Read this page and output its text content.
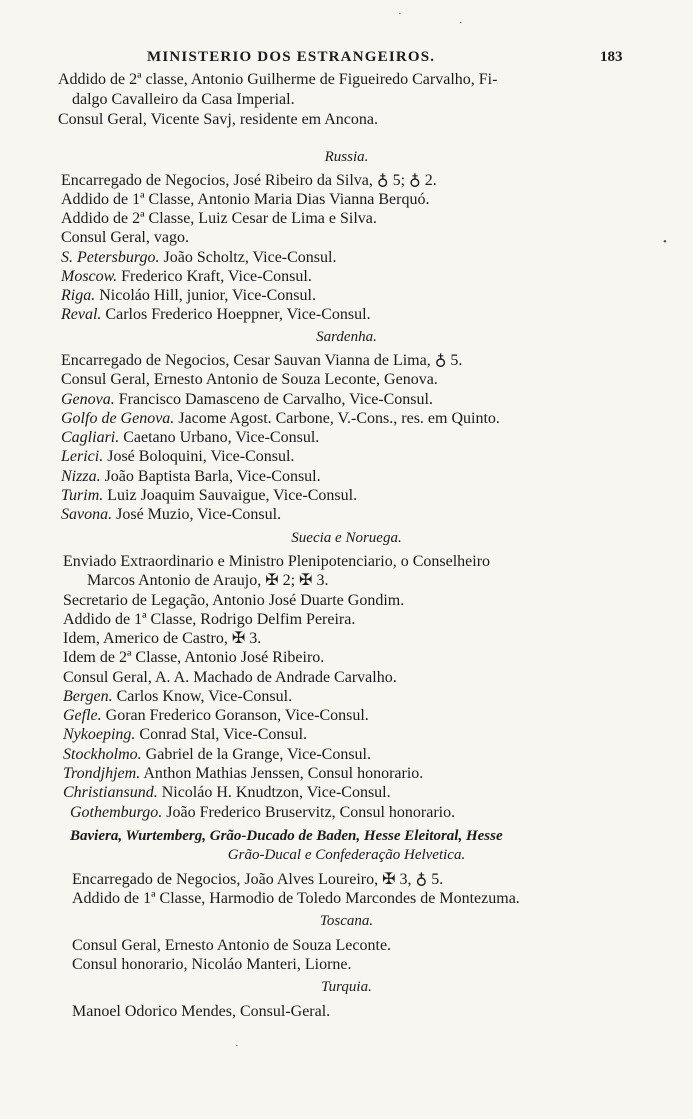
MINISTERIO DOS ESTRANGEIROS.	183
Addido de 2ª classe, Antonio Guilherme de Figueiredo Carvalho, Fi-
dalgo Cavalleiro da Casa Imperial.
Consul Geral, Vicente Savj, residente em Ancona.
Russia.
Encarregado de Negocios, José Ribeiro da Silva, ♁ 5; ♁ 2.
Addido de 1ª Classe, Antonio Maria Dias Vianna Berquó.
Addido de 2ª Classe, Luiz Cesar de Lima e Silva.
Consul Geral, vago.
S. Petersburgo. João Scholtz, Vice-Consul.
Moscow. Frederico Kraft, Vice-Consul.
Riga. Nicoláo Hill, junior, Vice-Consul.
Reval. Carlos Frederico Hoeppner, Vice-Consul.
Sardenha.
Encarregado de Negocios, Cesar Sauvan Vianna de Lima, ♁ 5.
Consul Geral, Ernesto Antonio de Souza Leconte, Genova.
Genova. Francisco Damasceno de Carvalho, Vice-Consul.
Golfo de Genova. Jacome Agost. Carbone, V.-Cons., res. em Quinto.
Cagliari. Caetano Urbano, Vice-Consul.
Lerici. José Boloquini, Vice-Consul.
Nizza. João Baptista Barla, Vice-Consul.
Turim. Luiz Joaquim Sauvaigue, Vice-Consul.
Savona. José Muzio, Vice-Consul.
Suecia e Noruega.
Enviado Extraordinario e Ministro Plenipotenciario, o Conselheiro
Marcos Antonio de Araujo, ✠ 2; ✠ 3.
Secretario de Legação, Antonio José Duarte Gondim.
Addido de 1ª Classe, Rodrigo Delfim Pereira.
Idem, Americo de Castro, ✠ 3.
Idem de 2ª Classe, Antonio José Ribeiro.
Consul Geral, A. A. Machado de Andrade Carvalho.
Bergen. Carlos Know, Vice-Consul.
Gefle. Goran Frederico Goranson, Vice-Consul.
Nykoeping. Conrad Stal, Vice-Consul.
Stockholmo. Gabriel de la Grange, Vice-Consul.
Trondjhjem. Anthon Mathias Jenssen, Consul honorario.
Christiansund. Nicoláo H. Knudtzon, Vice-Consul.
Gothemburgo. João Frederico Bruservitz, Consul honorario.
Baviera, Wurtemberg, Grão-Ducado de Baden, Hesse Eleitoral, Hesse
Grão-Ducal e Confederação Helvetica.
Encarregado de Negocios, João Alves Loureiro, ✠ 3, ♁ 5.
Addido de 1ª Classe, Harmodio de Toledo Marcondes de Montezuma.
Toscana.
Consul Geral, Ernesto Antonio de Souza Leconte.
Consul honorario, Nicoláo Manteri, Liorne.
Turquia.
Manoel Odorico Mendes, Consul-Geral.
·
·
•
·
